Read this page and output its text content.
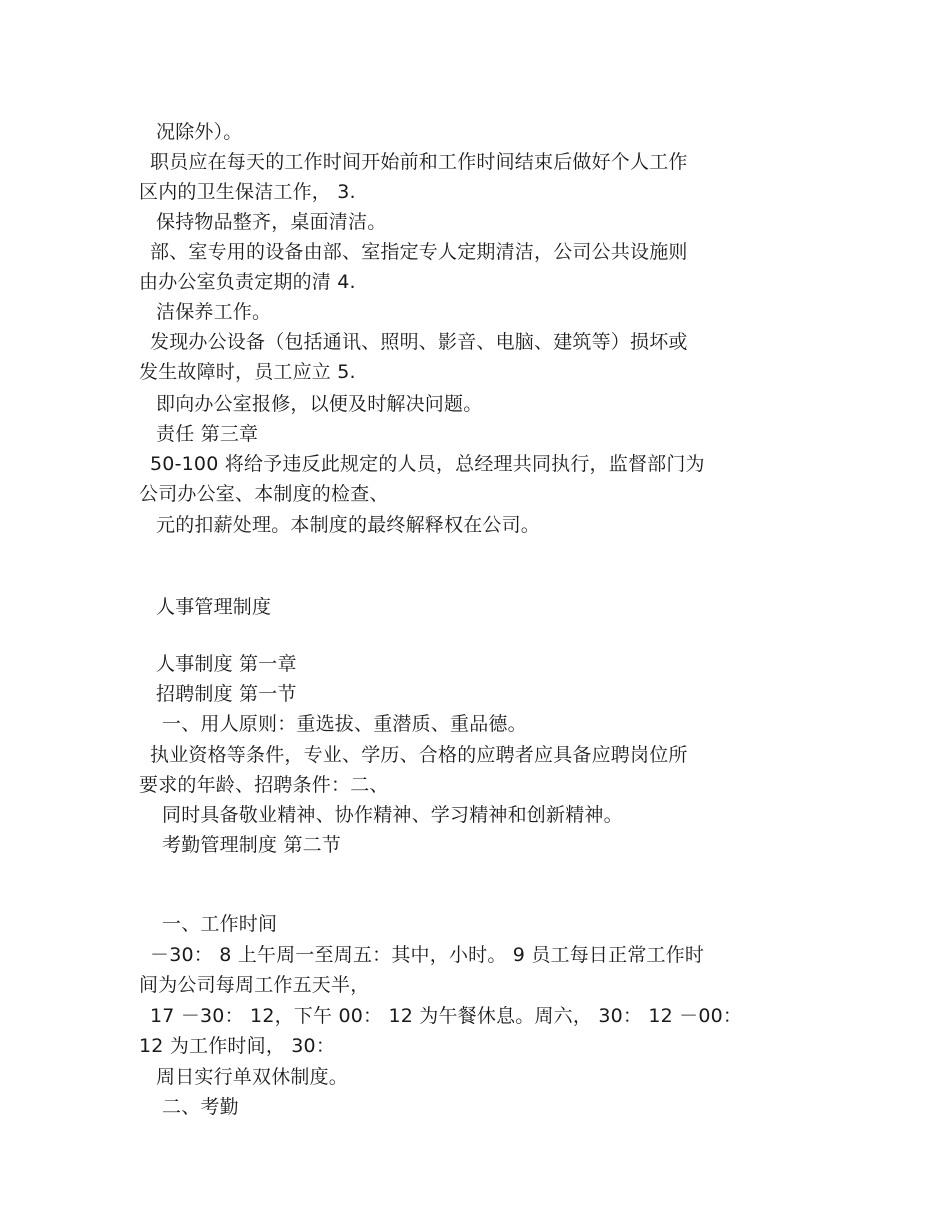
况除外）。
职员应在每天的工作时间开始前和工作时间结束后做好个人工作
区内的卫生保洁工作， 3.
保持物品整齐，桌面清洁。
部、室专用的设备由部、室指定专人定期清洁，公司公共设施则
由办公室负责定期的清 4.
洁保养工作。
发现办公设备（包括通讯、照明、影音、电脑、建筑等）损坏或
发生故障时，员工应立 5.
即向办公室报修，以便及时解决问题。
责任 第三章
50-100 将给予违反此规定的人员，总经理共同执行，监督部门为
公司办公室、本制度的检查、
元的扣薪处理。本制度的最终解释权在公司。
人事管理制度
人事制度 第一章
招聘制度 第一节
一、用人原则：重选拔、重潜质、重品德。
执业资格等条件，专业、学历、合格的应聘者应具备应聘岗位所
要求的年龄、招聘条件：二、
同时具备敬业精神、协作精神、学习精神和创新精神。
考勤管理制度 第二节
一、工作时间
－30： 8 上午周一至周五：其中，小时。 9 员工每日正常工作时
间为公司每周工作五天半，
17 －30： 12，下午 00： 12 为午餐休息。周六， 30： 12 －00：
12 为工作时间， 30：
周日实行单双休制度。
二、考勤
